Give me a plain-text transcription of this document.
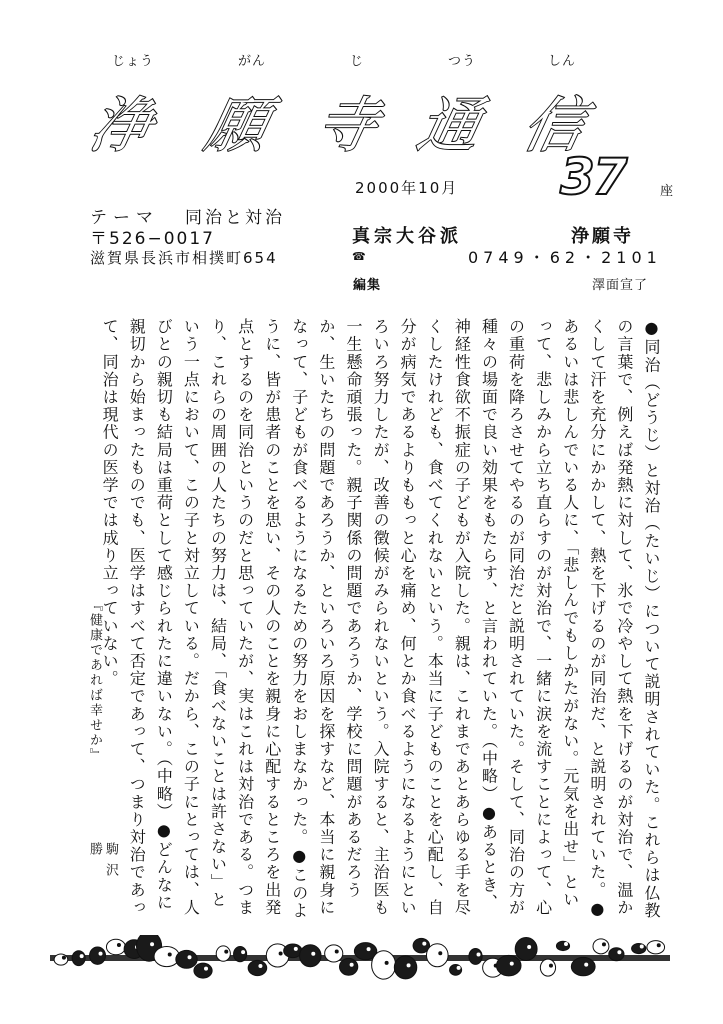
じょう	がん	じ	つう	しん
浄 願 寺 通 信
2000年10月 37	座
テーマ 同治と対治
〒526−0017
滋賀県長浜市相撲町654
真宗大谷派	浄願寺
☎	0749・62・2101
編集	澤面宣了
●同治（どうじ）と対治（たいじ）について説明されていた。これらは仏教の言葉で、例えば発熱に対して、氷で冷やして熱を下げるのが対治で、温かくして汗を充分にかかして、熱を下げるのが同治だ、と説明されていた。●あるいは悲しんでいる人に、「悲しんでもしかたがない。元気を出せ」といって、悲しみから立ち直らすのが対治で、一緒に涙を流すことによって、心の重荷を降ろさせてやるのが同治だと説明されていた。そして、同治の方が種々の場面で良い効果をもたらす、と言われていた。（中略）●あるとき、神経性食欲不振症の子どもが入院した。親は、これまであとあらゆる手を尽くしたけれども、食べてくれないという。本当に子どものことを心配し、自分が病気であるよりももっと心を痛め、何とか食べるようになるようにといろいろ努力したが、改善の徴候がみられないという。入院すると、主治医も一生懸命頑張った。親子関係の問題であろうか、学校に問題があるだろうか、生いたちの問題であろうか、といろいろ原因を探すなど、本当に親身になって、子どもが食べるようになるための努力をおしまなかった。●このように、皆が患者のことを思い、その人のことを親身に心配するところを出発点とするのを同治というのだと思っていたが、実はこれは対治である。つまり、これらの周囲の人たちの努力は、結局、「食べないことは許さない」という一点において、この子と対立している。だから、この子にとっては、人びとの親切も結局は重荷として感じられたに違いない。（中略）●どんなに親切から始まったものでも、医学はすべて否定であって、つまり対治であって、同治は現代の医学では成り立っていない。
『健康であれば幸せか』
駒沢　勝
